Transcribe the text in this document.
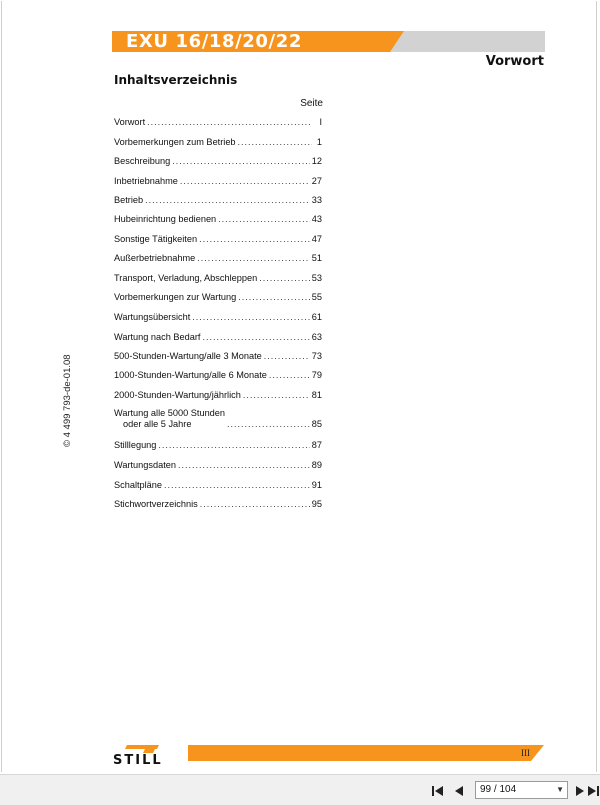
EXU 16/18/20/22
Vorwort
Inhaltsverzeichnis
Seite
Vorwort .....	I
Vorbemerkungen zum Betrieb .....	1
Beschreibung .....	12
Inbetriebnahme .....	27
Betrieb .....	33
Hubeinrichtung bedienen .....	43
Sonstige Tätigkeiten .....	47
Außerbetriebnahme .....	51
Transport, Verladung, Abschleppen .....	53
Vorbemerkungen zur Wartung .....	55
Wartungsübersicht .....	61
Wartung nach Bedarf .....	63
500-Stunden-Wartung/alle 3 Monate .....	73
1000-Stunden-Wartung/alle 6 Monate .....	79
2000-Stunden-Wartung/jährlich .....	81
Wartung alle 5000 Stunden
oder alle 5 Jahre .....	85
Stilllegung .....	87
Wartungsdaten .....	89
Schaltpläne .....	91
Stichwortverzeichnis .....	95
© 4 499 793-de-01.08
STILL	III
99 / 104	▼
